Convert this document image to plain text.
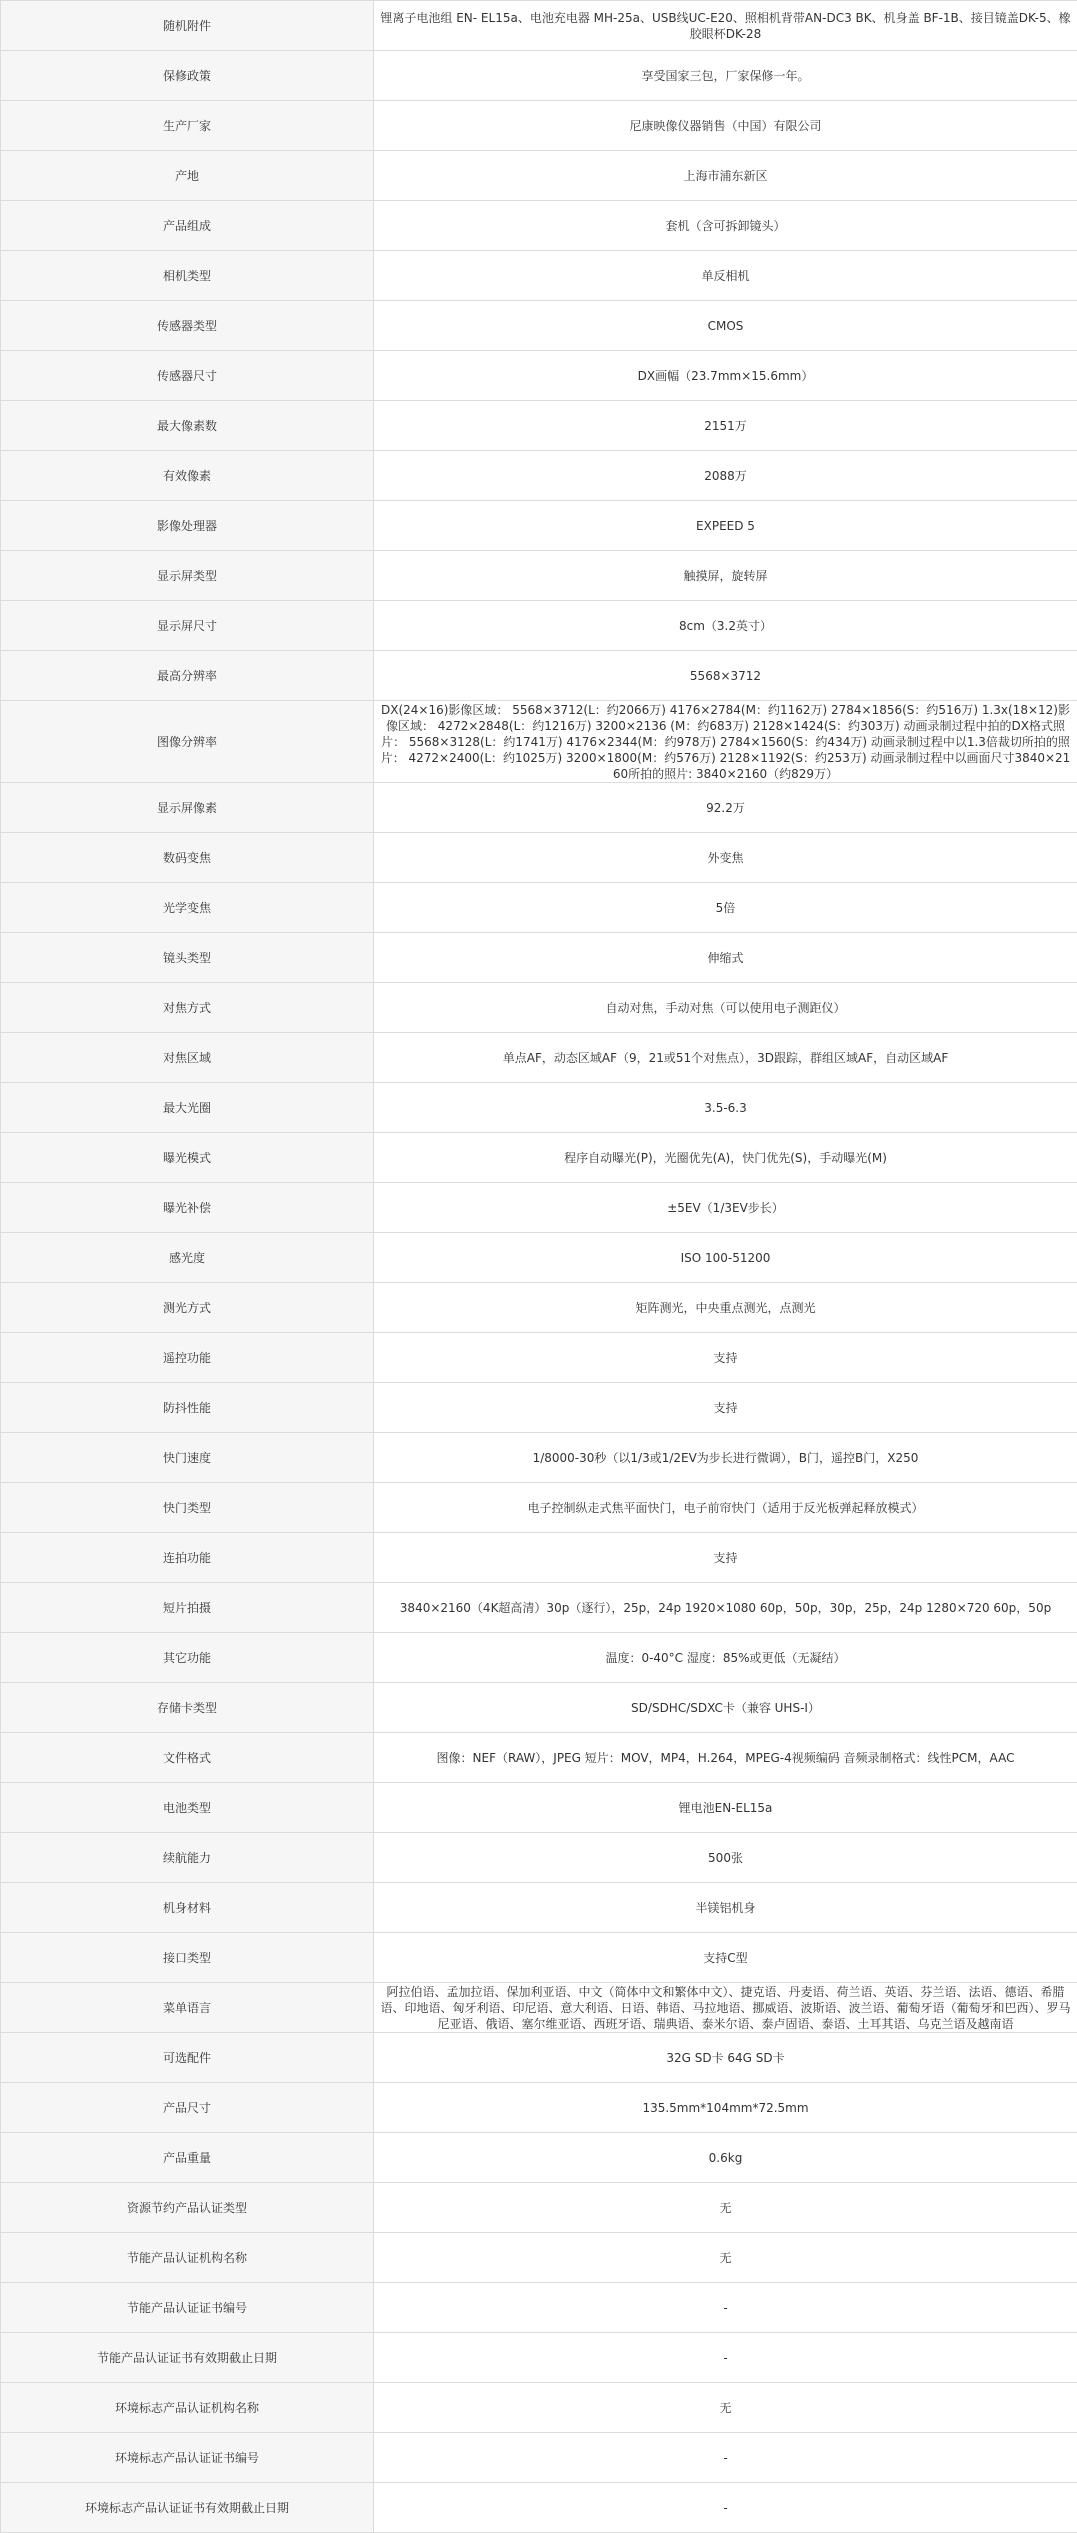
随机附件	锂离子电池组 EN- EL15a、电池充电器 MH-25a、USB线UC-E20、照相机背带AN-DC3 BK、机身盖 BF-1B、接目镜盖DK-5、橡胶眼杯DK-28
保修政策	享受国家三包，厂家保修一年。
生产厂家	尼康映像仪器销售（中国）有限公司
产地	上海市浦东新区
产品组成	套机（含可拆卸镜头）
相机类型	单反相机
传感器类型	CMOS
传感器尺寸	DX画幅（23.7mm×15.6mm）
最大像素数	2151万
有效像素	2088万
影像处理器	EXPEED 5
显示屏类型	触摸屏，旋转屏
显示屏尺寸	8cm（3.2英寸）
最高分辨率	5568×3712
图像分辨率	DX(24×16)影像区域： 5568×3712(L：约2066万) 4176×2784(M：约1162万) 2784×1856(S：约516万) 1.3x(18×12)影像区域： 4272×2848(L：约1216万) 3200×2136 (M：约683万) 2128×1424(S：约303万) 动画录制过程中拍的DX格式照片： 5568×3128(L：约1741万) 4176×2344(M：约978万) 2784×1560(S：约434万) 动画录制过程中以1.3倍裁切所拍的照片： 4272×2400(L：约1025万) 3200×1800(M：约576万) 2128×1192(S：约253万) 动画录制过程中以画面尺寸3840×2160所拍的照片: 3840×2160（约829万）
显示屏像素	92.2万
数码变焦	外变焦
光学变焦	5倍
镜头类型	伸缩式
对焦方式	自动对焦，手动对焦（可以使用电子测距仪）
对焦区域	单点AF，动态区域AF（9，21或51个对焦点），3D跟踪，群组区域AF，自动区域AF
最大光圈	3.5-6.3
曝光模式	程序自动曝光(P)，光圈优先(A)，快门优先(S)，手动曝光(M)
曝光补偿	±5EV（1/3EV步长）
感光度	ISO 100-51200
测光方式	矩阵测光，中央重点测光，点测光
遥控功能	支持
防抖性能	支持
快门速度	1/8000-30秒（以1/3或1/2EV为步长进行微调），B门，遥控B门，X250
快门类型	电子控制纵走式焦平面快门，电子前帘快门（适用于反光板弹起释放模式）
连拍功能	支持
短片拍摄	3840×2160（4K超高清）30p（逐行），25p，24p 1920×1080 60p，50p，30p，25p，24p 1280×720 60p，50p
其它功能	温度：0-40°C 湿度：85%或更低（无凝结）
存储卡类型	SD/SDHC/SDXC卡（兼容 UHS-I）
文件格式	图像：NEF（RAW），JPEG 短片：MOV，MP4，H.264，MPEG-4视频编码 音频录制格式：线性PCM，AAC
电池类型	锂电池EN-EL15a
续航能力	500张
机身材料	半镁铝机身
接口类型	支持C型
菜单语言	阿拉伯语、孟加拉语、保加利亚语、中文（简体中文和繁体中文）、捷克语、丹麦语、荷兰语、英语、芬兰语、法语、德语、希腊语、印地语、匈牙利语、印尼语、意大利语、日语、韩语、马拉地语、挪威语、波斯语、波兰语、葡萄牙语（葡萄牙和巴西）、罗马尼亚语、俄语、塞尔维亚语、西班牙语、瑞典语、泰米尔语、泰卢固语、泰语、土耳其语、乌克兰语及越南语
可选配件	32G SD卡 64G SD卡
产品尺寸	135.5mm*104mm*72.5mm
产品重量	0.6kg
资源节约产品认证类型	无
节能产品认证机构名称	无
节能产品认证证书编号	-
节能产品认证证书有效期截止日期	-
环境标志产品认证机构名称	无
环境标志产品认证证书编号	-
环境标志产品认证证书有效期截止日期	-
